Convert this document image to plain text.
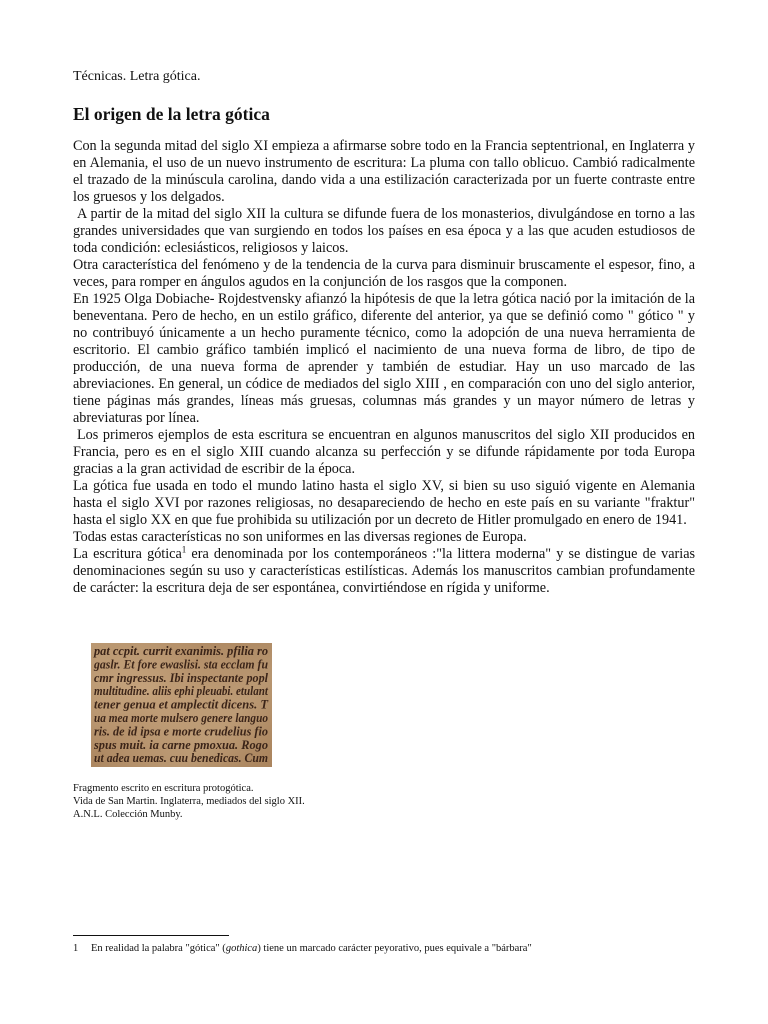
Técnicas. Letra gótica.
El origen de la letra gótica

Con la segunda mitad del siglo XI empieza a afirmarse sobre todo en la Francia septentrional, en Inglaterra y en Alemania, el uso de un nuevo instrumento de escritura: La pluma con tallo oblicuo. Cambió radicalmente el trazado de la minúscula carolina, dando vida a una estilización caracterizada por un fuerte contraste entre los gruesos y los delgados.

A partir de la mitad del siglo XII la cultura se difunde fuera de los monasterios, divulgándose en torno a las grandes universidades que van surgiendo en todos los países en esa época y a las que acuden estudiosos de toda condición: eclesiásticos, religiosos y laicos.

Otra característica del fenómeno y de la tendencia de la curva para disminuir bruscamente el espesor, fino, a veces, para romper en ángulos agudos en la conjunción de los rasgos que la componen.

En 1925 Olga Dobiache- Rojdestvensky afianzó la hipótesis de que la letra gótica nació por la imitación de la beneventana. Pero de hecho, en un estilo gráfico, diferente del anterior, ya que se definió como " gótico " y no contribuyó únicamente a un hecho puramente técnico, como la adopción de una nueva herramienta de escritorio. El cambio gráfico también implicó el nacimiento de una nueva forma de libro, de tipo de producción, de una nueva forma de aprender y también de estudiar. Hay un uso marcado de las abreviaciones. En general, un códice de mediados del siglo XIII , en comparación con uno del siglo anterior, tiene páginas más grandes, líneas más gruesas, columnas más grandes y un mayor número de letras y abreviaturas por línea.

Los primeros ejemplos de esta escritura se encuentran en algunos manuscritos del siglo XII producidos en Francia, pero es en el siglo XIII cuando alcanza su perfección y se difunde rápidamente por toda Europa gracias a la gran actividad de escribir de la época.

La gótica fue usada en todo el mundo latino hasta el siglo XV, si bien su uso siguió vigente en Alemania hasta el siglo XVI por razones religiosas, no desapareciendo de hecho en este país en su variante "fraktur" hasta el siglo XX en que fue prohibida su utilización por un decreto de Hitler promulgado en enero de 1941.

Todas estas características no son uniformes en las diversas regiones de Europa.

La escritura gótica$^1$ era denominada por los contemporáneos :"la littera moderna" y se distingue de varias denominaciones según su uso y características estilísticas. Además los manuscritos cambian profundamente de carácter: la escritura deja de ser espontánea, convirtiéndose en rígida y uniforme.

pat ccpit. currit exanimis. pfilia ro
gaslr. Et fore ewaslisi. sta ecclam fu
cmr ingressus. Ibi inspectante popl
multitudine. aliis ephi pleuabi. etulant
tener genua et amplectit dicens. T
ua mea morte mulsero genere languo
ris. de id ipsa e morte crudelius fio
spus muit. ia carne pmoxua. Rogo
ut adea uemas. cuu benedicas. Cum
Fragmento escrito en escritura protogótica.
Vida de San Martin. Inglaterra, mediados del siglo XII.
A.N.L. Colección Munby.
1 En realidad la palabra "gótica" (gothica) tiene un marcado carácter peyorativo, pues equivale a "bárbara"
